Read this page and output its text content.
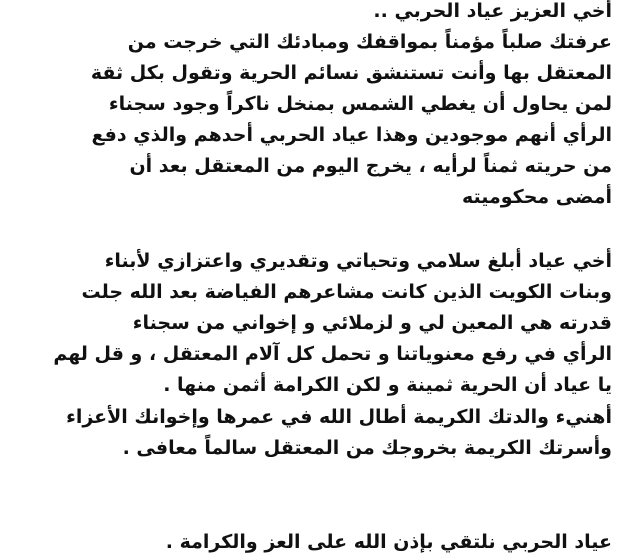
أخي العزيز عياد الحربي ..
عرفتك صلباً مؤمناً بمواقفك ومبادئك التي خرجت من
المعتقل بها وأنت تستنشق نسائم الحرية وتقول بكل ثقة
لمن يحاول أن يغطي الشمس بمنخل ناكراً وجود سجناء
الرأي أنهم موجودين وهذا عياد الحربي أحدهم والذي دفع
من حريته ثمناً لرأيه ، يخرج اليوم من المعتقل بعد أن
أمضى محكوميته
أخي عياد أبلغ سلامي وتحياتي وتقديري واعتزازي لأبناء
وبنات الكويت الذين كانت مشاعرهم الفياضة بعد الله جلت
قدرته هي المعين لي و لزملائي و إخواني من سجناء
الرأي في رفع معنوياتنا و تحمل كل آلام المعتقل ، و قل لهم
يا عياد أن الحرية ثمينة و لكن الكرامة أثمن منها .
أهنيء والدتك الكريمة أطال الله في عمرها وإخوانك الأعزاء
وأسرتك الكريمة بخروجك من المعتقل سالماً معافى .
عياد الحربي نلتقي بإذن الله على العز والكرامة .
